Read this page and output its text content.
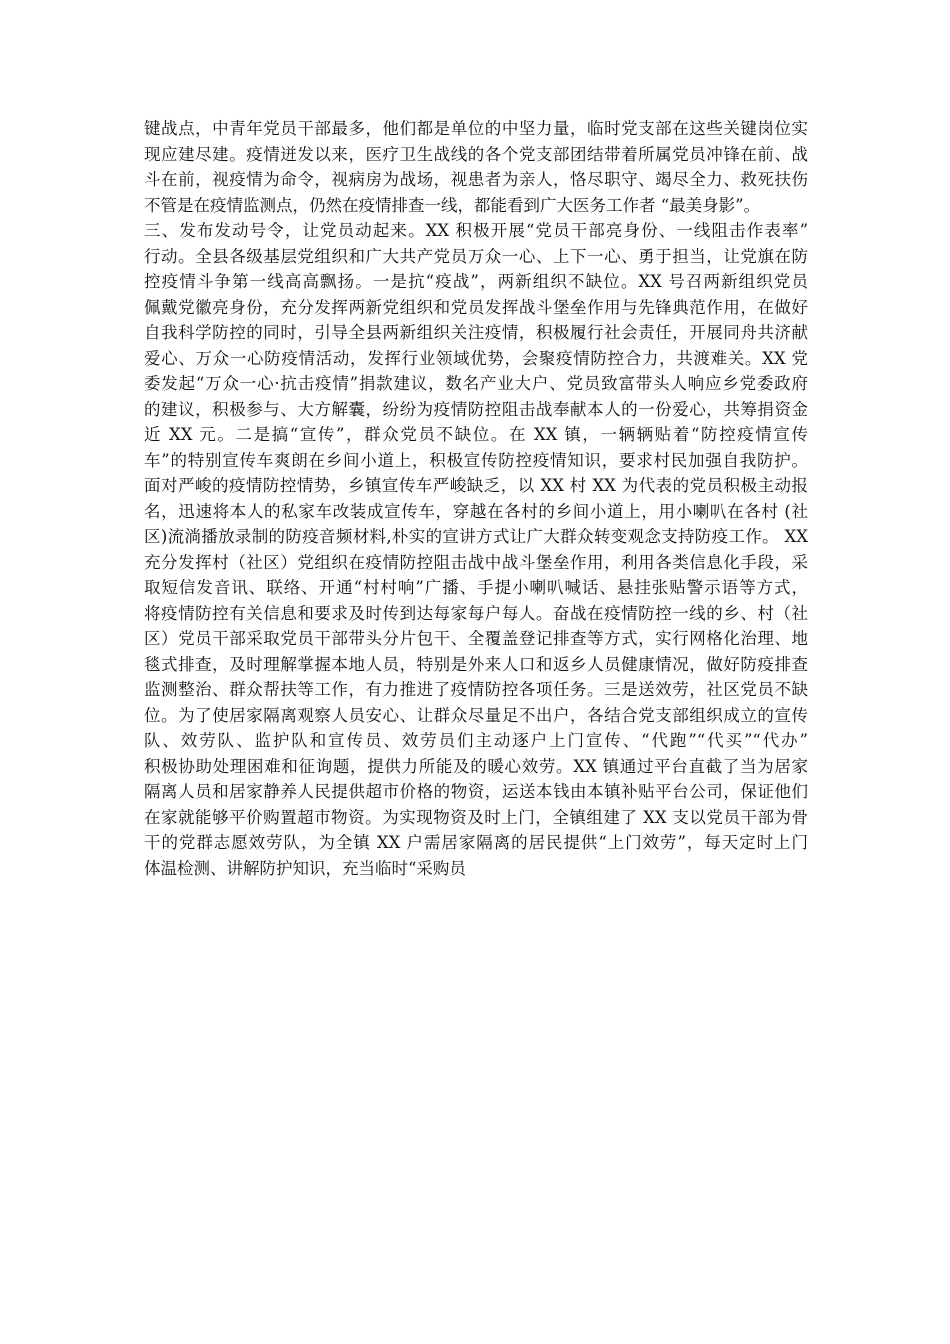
键战点，中青年党员干部最多，他们都是单位的中坚力量，临时党支部在这些关键岗位实
现应建尽建。疫情迸发以来，医疗卫生战线的各个党支部团结带着所属党员冲锋在前、战
斗在前，视疫情为命令，视病房为战场，视患者为亲人，恪尽职守、竭尽全力、救死扶伤
不管是在疫情监测点，仍然在疫情排查一线，都能看到广大医务工作者 “最美身影”。
三、发布发动号令，让党员动起来。XX 积极开展“党员干部亮身份、一线阻击作表率”
行动。全县各级基层党组织和广大共产党员万众一心、上下一心、勇于担当，让党旗在防
控疫情斗争第一线高高飘扬。一是抗“疫战”，两新组织不缺位。XX 号召两新组织党员
佩戴党徽亮身份，充分发挥两新党组织和党员发挥战斗堡垒作用与先锋典范作用，在做好
自我科学防控的同时，引导全县两新组织关注疫情，积极履行社会责任，开展同舟共济献
爱心、万众一心防疫情活动，发挥行业领域优势，会聚疫情防控合力，共渡难关。XX 党
委发起“万众一心·抗击疫情”捐款建议，数名产业大户、党员致富带头人响应乡党委政府
的建议，积极参与、大方解囊，纷纷为疫情防控阻击战奉献本人的一份爱心，共筹捐资金
近 XX 元。二是搞“宣传”，群众党员不缺位。在 XX 镇，一辆辆贴着“防控疫情宣传
车”的特别宣传车爽朗在乡间小道上，积极宣传防控疫情知识，要求村民加强自我防护。
面对严峻的疫情防控情势，乡镇宣传车严峻缺乏，以 XX 村 XX 为代表的党员积极主动报
名，迅速将本人的私家车改装成宣传车，穿越在各村的乡间小道上，用小喇叭在各村 (社
区)流淌播放录制的防疫音频材料,朴实的宣讲方式让广大群众转变观念支持防疫工作。 XX
充分发挥村（社区）党组织在疫情防控阻击战中战斗堡垒作用，利用各类信息化手段，采
取短信发音讯、联络、开通“村村响”广播、手提小喇叭喊话、悬挂张贴警示语等方式，
将疫情防控有关信息和要求及时传到达每家每户每人。奋战在疫情防控一线的乡、村（社
区）党员干部采取党员干部带头分片包干、全覆盖登记排查等方式，实行网格化治理、地
毯式排查，及时理解掌握本地人员，特别是外来人口和返乡人员健康情况，做好防疫排查
监测整治、群众帮扶等工作，有力推进了疫情防控各项任务。三是送效劳，社区党员不缺
位。为了使居家隔离观察人员安心、让群众尽量足不出户，各结合党支部组织成立的宣传
队、效劳队、监护队和宣传员、效劳员们主动逐户上门宣传、“代跑”“代买”“代办”
积极协助处理困难和征询题，提供力所能及的暖心效劳。XX 镇通过平台直截了当为居家
隔离人员和居家静养人民提供超市价格的物资，运送本钱由本镇补贴平台公司，保证他们
在家就能够平价购置超市物资。为实现物资及时上门，全镇组建了 XX 支以党员干部为骨
干的党群志愿效劳队，为全镇 XX 户需居家隔离的居民提供“上门效劳”，每天定时上门
体温检测、讲解防护知识，充当临时“采购员
